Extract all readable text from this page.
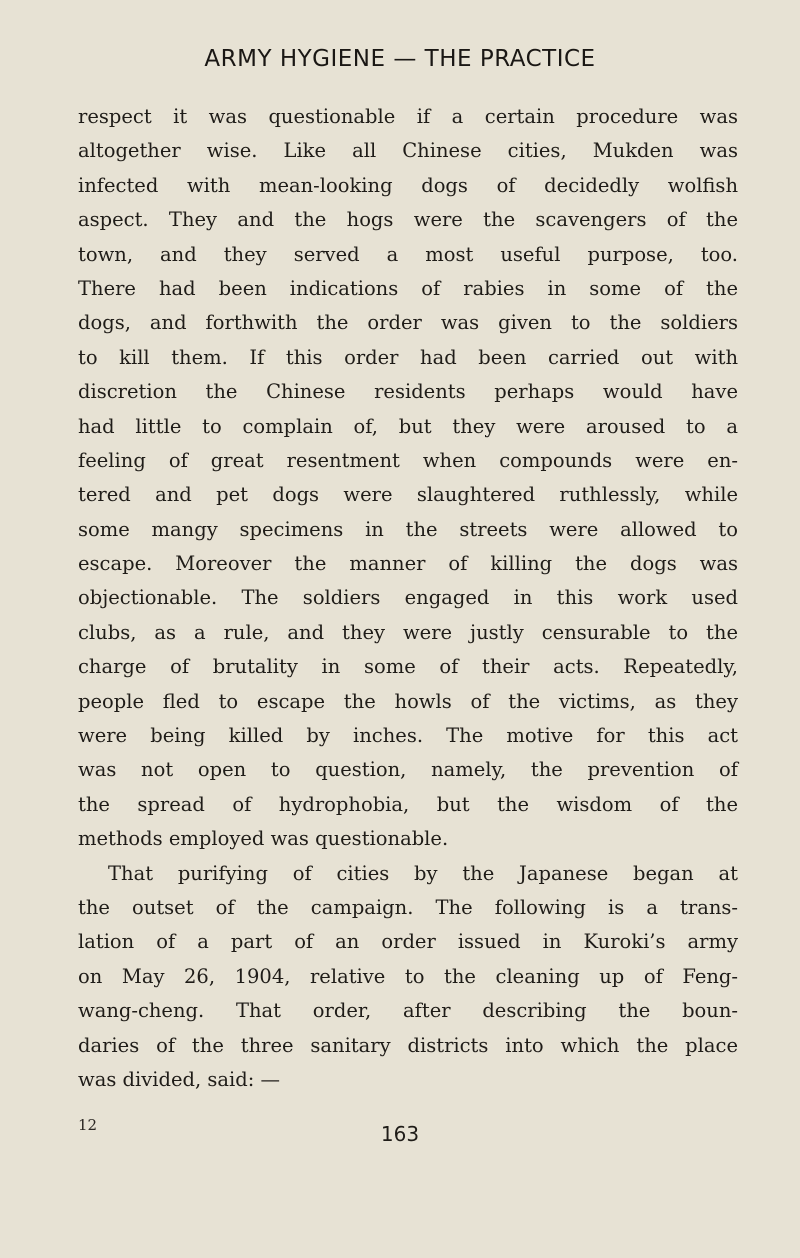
ARMY HYGIENE — THE PRACTICE
respect it was questionable if a certain procedure was
altogether wise. Like all Chinese cities, Mukden was
infected with mean-looking dogs of decidedly wolfish
aspect. They and the hogs were the scavengers of the
town, and they served a most useful purpose, too.
There had been indications of rabies in some of the
dogs, and forthwith the order was given to the soldiers
to kill them. If this order had been carried out with
discretion the Chinese residents perhaps would have
had little to complain of, but they were aroused to a
feeling of great resentment when compounds were en-
tered and pet dogs were slaughtered ruthlessly, while
some mangy specimens in the streets were allowed to
escape. Moreover the manner of killing the dogs was
objectionable. The soldiers engaged in this work used
clubs, as a rule, and they were justly censurable to the
charge of brutality in some of their acts. Repeatedly,
people fled to escape the howls of the victims, as they
were being killed by inches. The motive for this act
was not open to question, namely, the prevention of
the spread of hydrophobia, but the wisdom of the
methods employed was questionable.
That purifying of cities by the Japanese began at
the outset of the campaign. The following is a trans-
lation of a part of an order issued in Kuroki’s army
on May 26, 1904, relative to the cleaning up of Feng-
wang-cheng. That order, after describing the boun-
daries of the three sanitary districts into which the place
was divided, said: —
12	163
